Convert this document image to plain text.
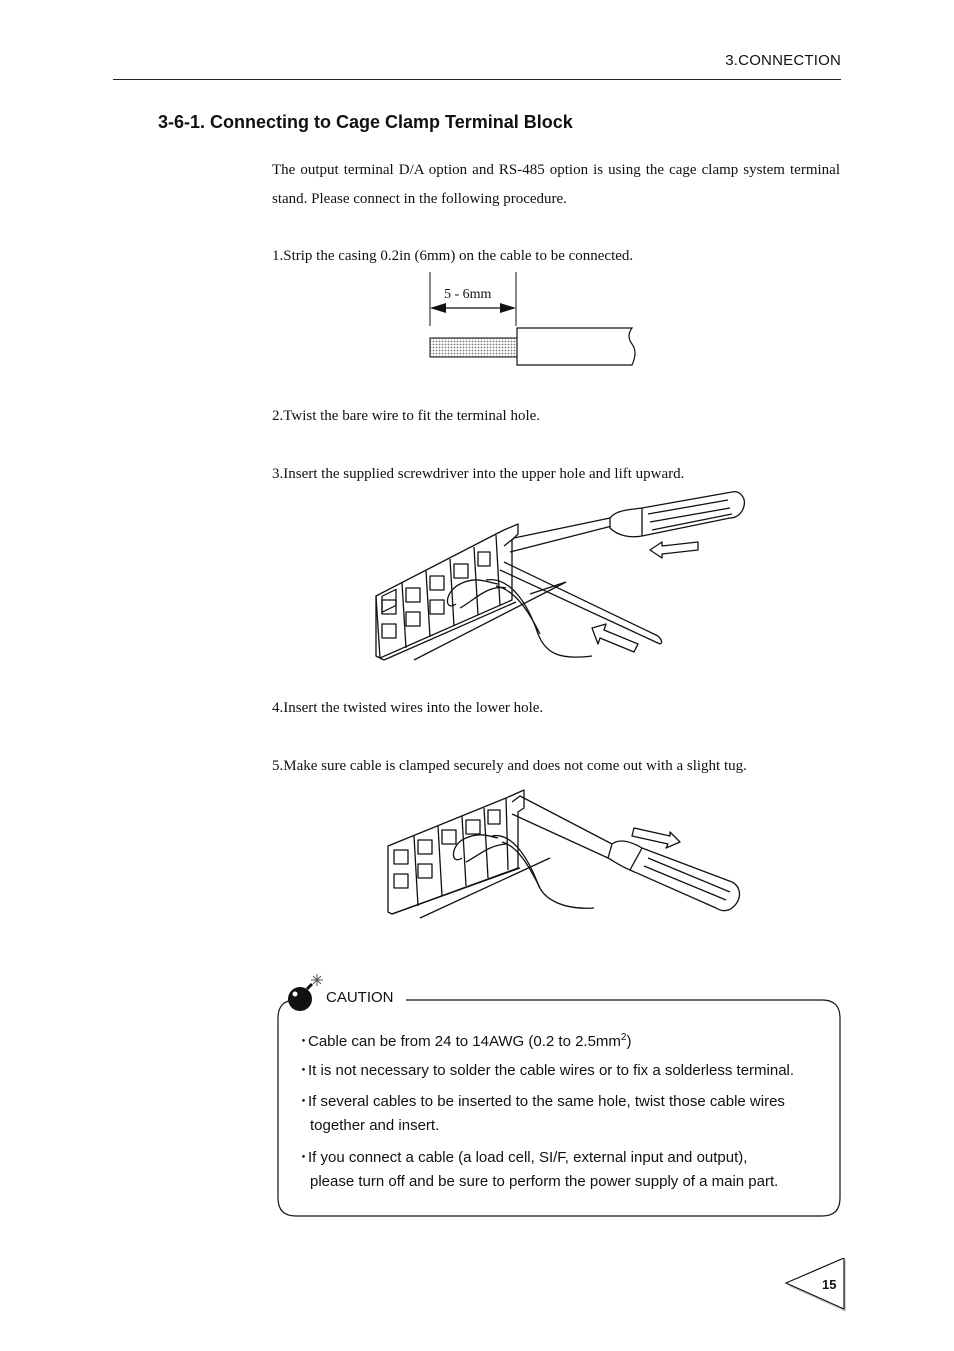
3.CONNECTION
3-6-1. Connecting to Cage Clamp Terminal Block
The output terminal D/A option and RS-485 option is using the cage clamp system terminal stand. Please connect in the following procedure.
1.Strip the casing 0.2in (6mm) on the cable to be connected.
5 - 6mm
2.Twist the bare wire to fit the terminal hole.
3.Insert the supplied screwdriver into the upper hole and lift upward.
4.Insert the twisted wires into the lower hole.
5.Make sure cable is clamped securely and does not come out with a slight tug.
CAUTION
・Cable can be from 24 to 14AWG (0.2 to $2.5mm^2$)
・It is not necessary to solder the cable wires or to fix a solderless terminal.
・If several cables to be inserted to the same hole, twist those cable wires
together and insert.
・If you connect a cable (a load cell, SI/F, external input and output),
please turn off and be sure to perform the power supply of a main part.
15
